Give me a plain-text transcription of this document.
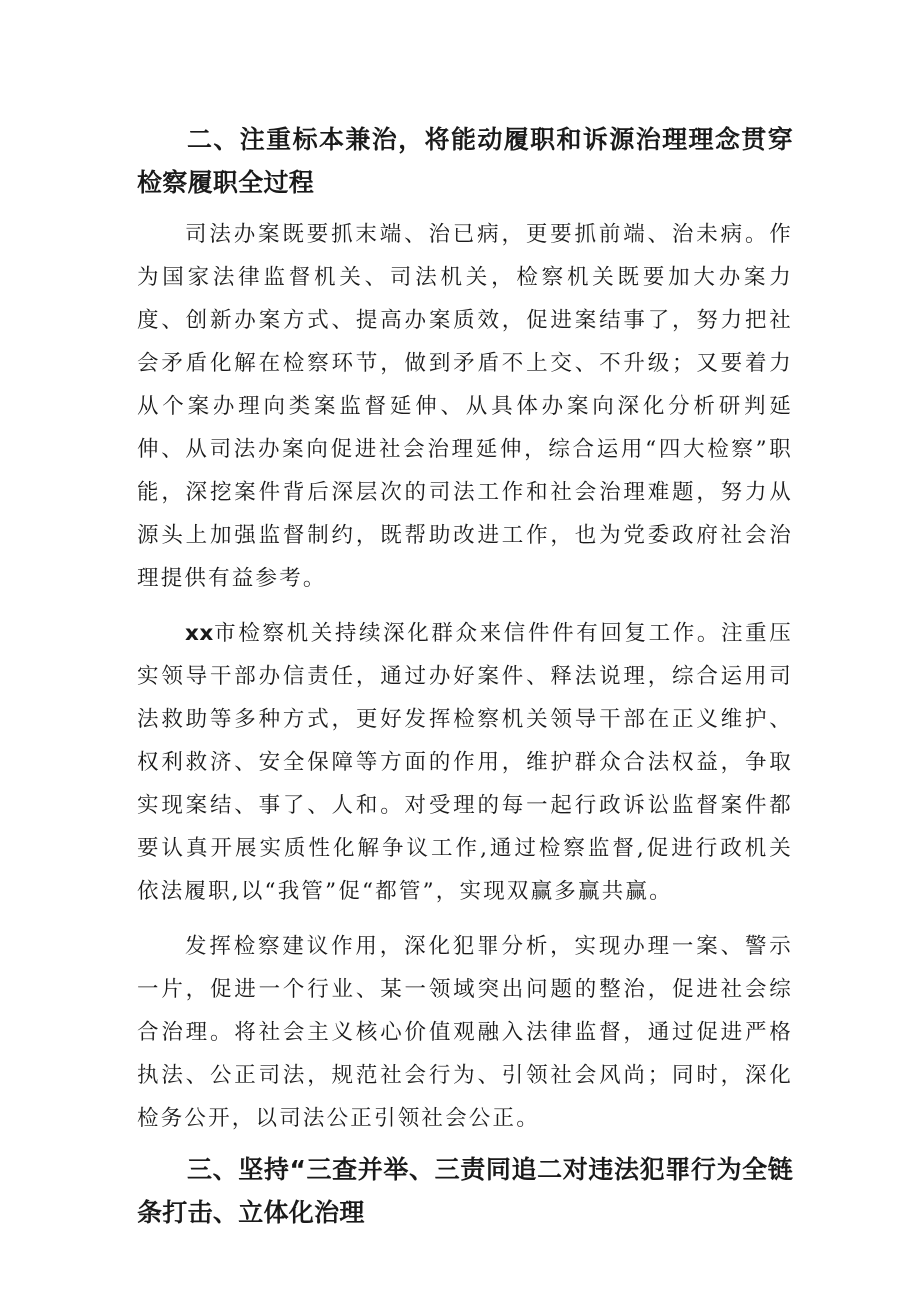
二、注重标本兼治，将能动履职和诉源治理理念贯穿检察履职全过程

司法办案既要抓末端、治已病，更要抓前端、治未病。作为国家法律监督机关、司法机关，检察机关既要加大办案力度、创新办案方式、提高办案质效，促进案结事了，努力把社会矛盾化解在检察环节，做到矛盾不上交、不升级；又要着力从个案办理向类案监督延伸、从具体办案向深化分析研判延伸、从司法办案向促进社会治理延伸，综合运用“四大检察”职能，深挖案件背后深层次的司法工作和社会治理难题，努力从源头上加强监督制约，既帮助改进工作，也为党委政府社会治理提供有益参考。

xx市检察机关持续深化群众来信件件有回复工作。注重压实领导干部办信责任，通过办好案件、释法说理，综合运用司法救助等多种方式，更好发挥检察机关领导干部在正义维护、权利救济、安全保障等方面的作用，维护群众合法权益，争取实现案结、事了、人和。对受理的每一起行政诉讼监督案件都要认真开展实质性化解争议工作,通过检察监督,促进行政机关依法履职,以“我管”促“都管”，实现双赢多赢共赢。

发挥检察建议作用，深化犯罪分析，实现办理一案、警示一片，促进一个行业、某一领域突出问题的整治，促进社会综合治理。将社会主义核心价值观融入法律监督，通过促进严格执法、公正司法，规范社会行为、引领社会风尚；同时，深化检务公开，以司法公正引领社会公正。

三、坚持“三查并举、三责同追二对违法犯罪行为全链条打击、立体化治理
